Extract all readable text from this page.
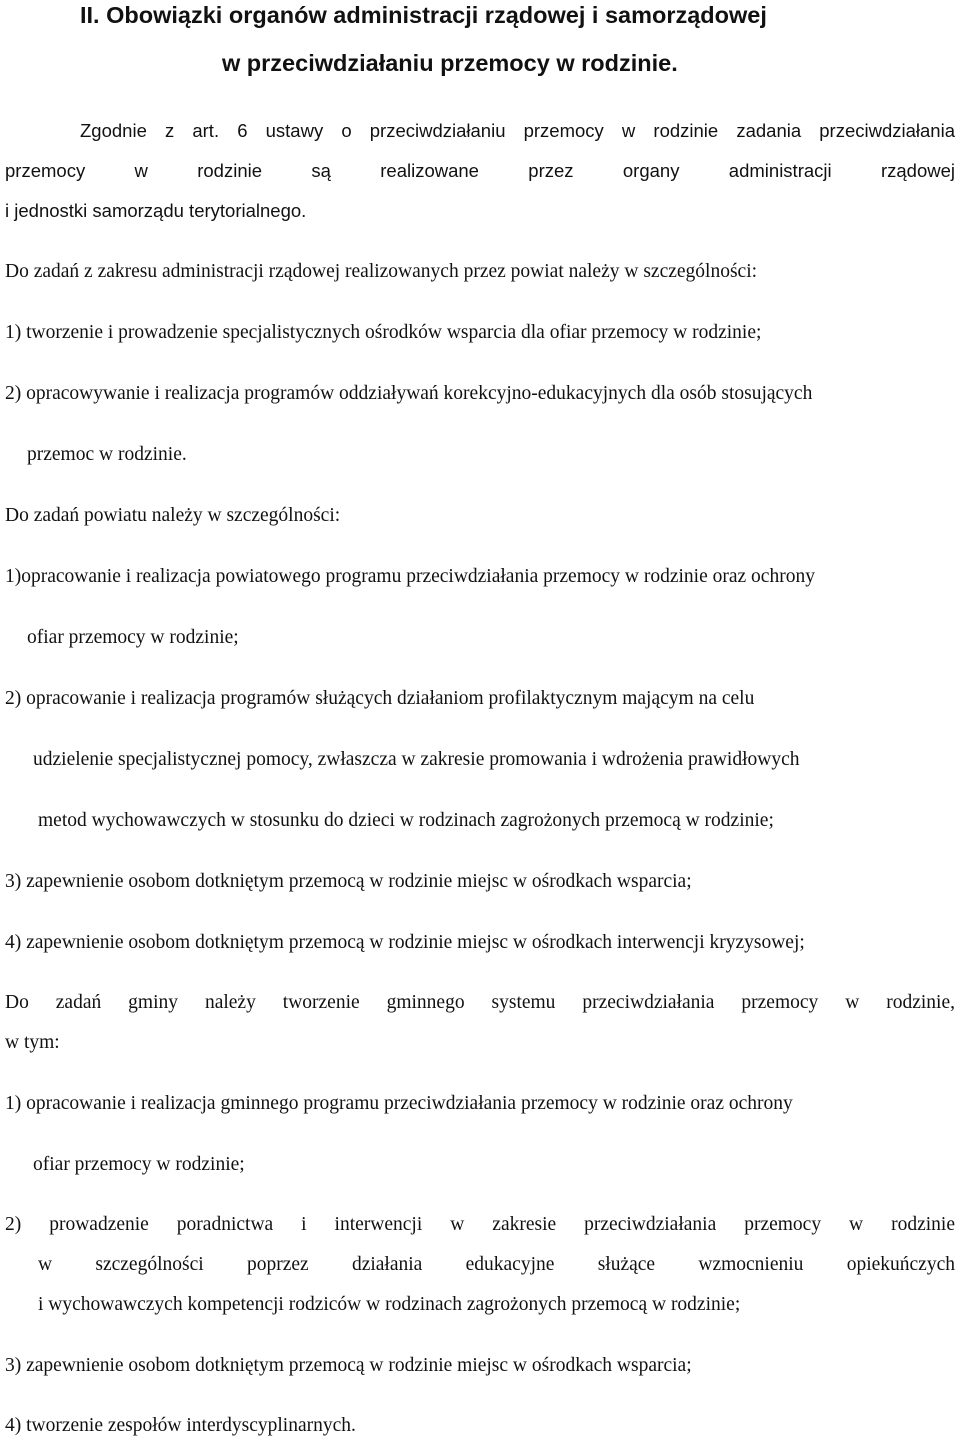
II. Obowiązki organów administracji rządowej i samorządowej
w przeciwdziałaniu przemocy w rodzinie.
Zgodnie z art. 6 ustawy o przeciwdziałaniu przemocy w rodzinie zadania przeciwdziałania
przemocy w rodzinie są realizowane przez organy administracji rządowej
i jednostki samorządu terytorialnego.
Do zadań z zakresu administracji rządowej realizowanych przez powiat należy w szczególności:
1) tworzenie i prowadzenie specjalistycznych ośrodków wsparcia dla ofiar przemocy w rodzinie;
2) opracowywanie i realizacja programów oddziaływań korekcyjno-edukacyjnych dla osób stosujących
przemoc w rodzinie.
Do zadań powiatu należy w szczególności:
1)opracowanie i realizacja powiatowego programu przeciwdziałania przemocy w rodzinie oraz ochrony
ofiar przemocy w rodzinie;
2) opracowanie i realizacja programów służących działaniom profilaktycznym mającym na celu
udzielenie specjalistycznej pomocy, zwłaszcza w zakresie promowania i wdrożenia prawidłowych
metod wychowawczych w stosunku do dzieci w rodzinach zagrożonych przemocą w rodzinie;
3) zapewnienie osobom dotkniętym przemocą w rodzinie miejsc w ośrodkach wsparcia;
4) zapewnienie osobom dotkniętym przemocą w rodzinie miejsc w ośrodkach interwencji kryzysowej;
Do zadań gminy należy tworzenie gminnego systemu przeciwdziałania przemocy w rodzinie,
w tym:
1) opracowanie i realizacja gminnego programu przeciwdziałania przemocy w rodzinie oraz ochrony
ofiar przemocy w rodzinie;
2) prowadzenie poradnictwa i interwencji w zakresie przeciwdziałania przemocy w rodzinie
w szczególności poprzez działania edukacyjne służące wzmocnieniu opiekuńczych
i wychowawczych kompetencji rodziców w rodzinach zagrożonych przemocą w rodzinie;
3) zapewnienie osobom dotkniętym przemocą w rodzinie miejsc w ośrodkach wsparcia;
4) tworzenie zespołów interdyscyplinarnych.
